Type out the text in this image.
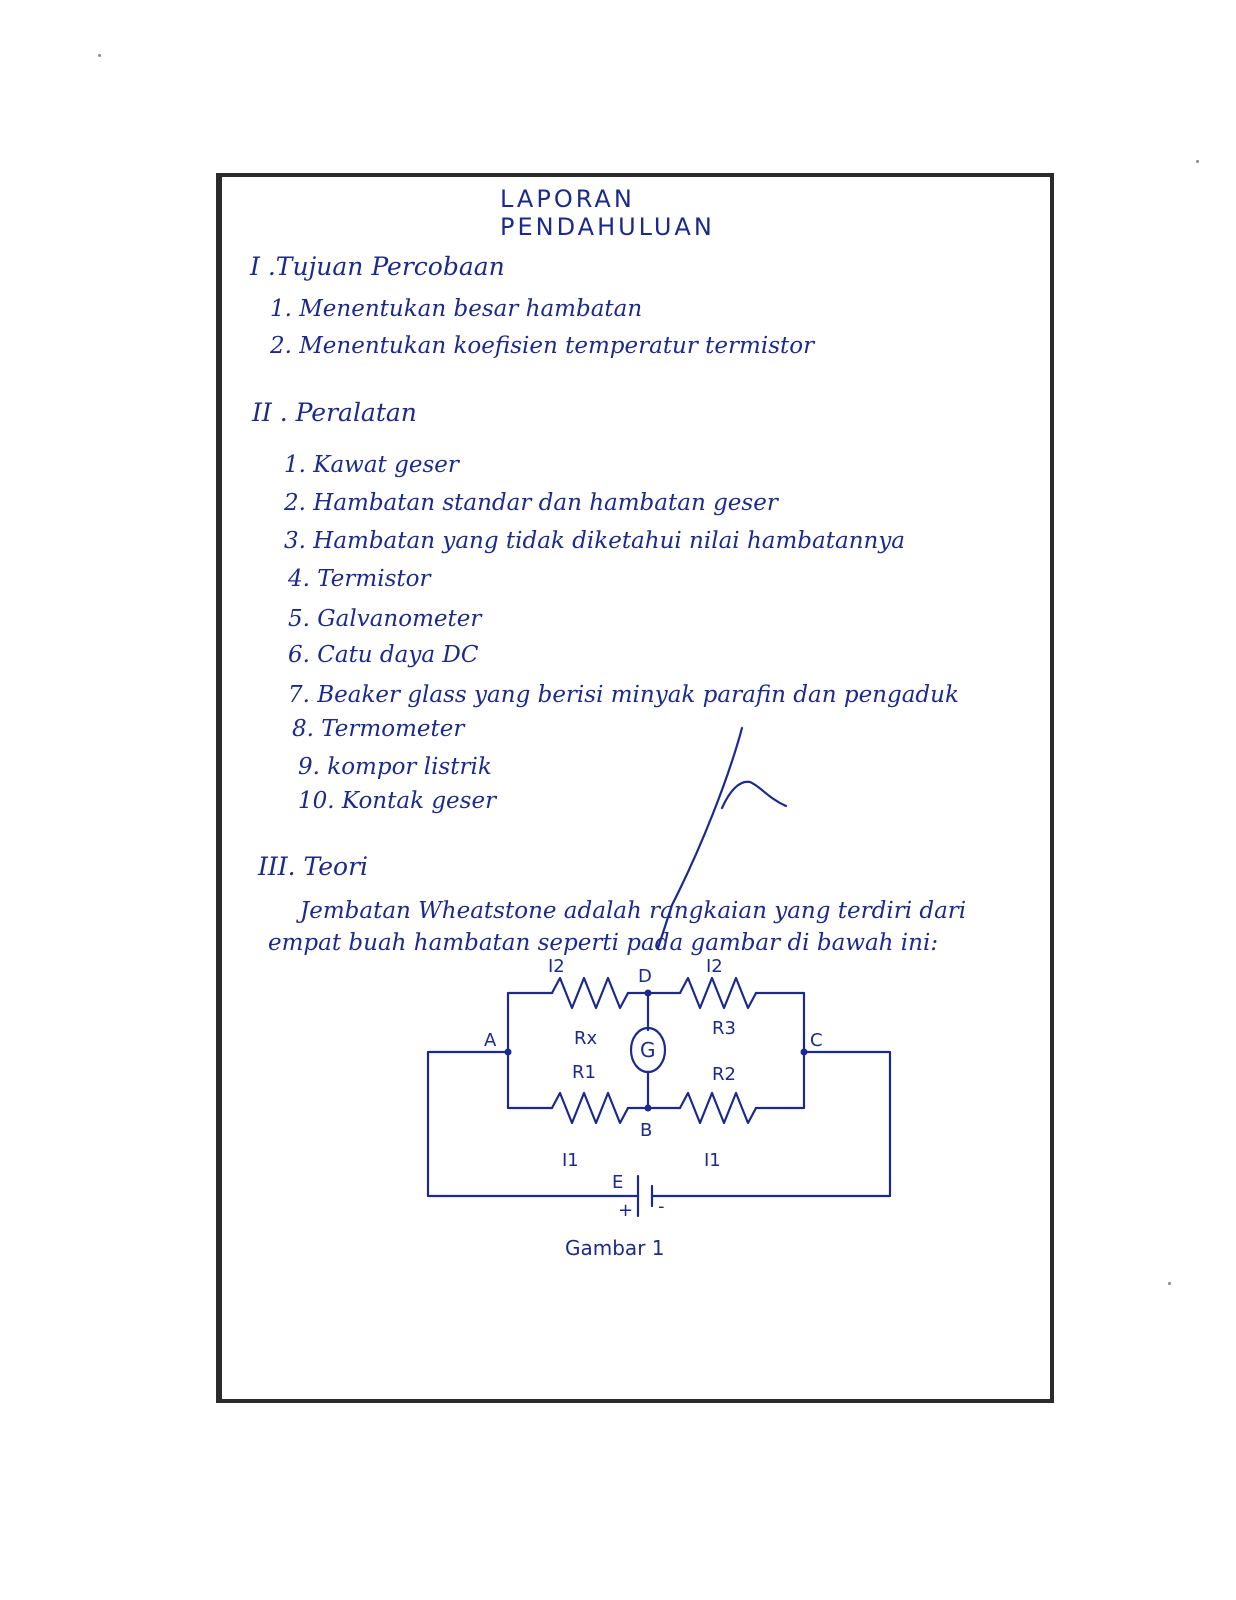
LAPORAN PENDAHULUAN
I .Tujuan Percobaan
1. Menentukan besar hambatan
2. Menentukan koefisien temperatur termistor
II . Peralatan
1. Kawat geser
2. Hambatan standar dan hambatan geser
3. Hambatan yang tidak diketahui nilai hambatannya
4. Termistor
5. Galvanometer
6. Catu daya DC
7. Beaker glass yang berisi minyak parafin dan pengaduk
8. Termometer
9. kompor listrik
10. Kontak geser
III. Teori
Jembatan Wheatstone adalah rangkaian yang terdiri dari
empat buah hambatan seperti pada gambar di bawah ini:
A	C
D
B
Rx	R3
R1	R2
I2	I2
I1	I1
G
E
+ -
Gambar 1
